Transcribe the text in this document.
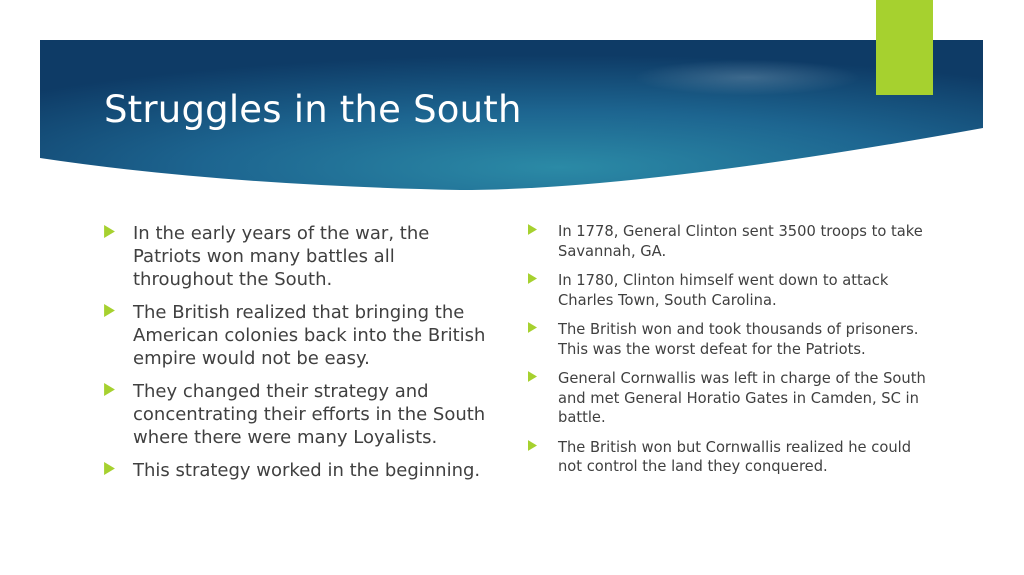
Struggles in the South
In the early years of the war, the Patriots won many battles all throughout the South.
The British realized that bringing the American colonies back into the British empire would not be easy.
They changed their strategy and concentrating their efforts in the South where there were many Loyalists.
This strategy worked in the beginning.
In 1778, General Clinton sent 3500 troops to take Savannah, GA.
In 1780, Clinton himself went down to attack Charles Town, South Carolina.
The British won and took thousands of prisoners. This was the worst defeat for the Patriots.
General Cornwallis was left in charge of the South and met General Horatio Gates in Camden, SC in battle.
The British won but Cornwallis realized he could not control the land they conquered.
